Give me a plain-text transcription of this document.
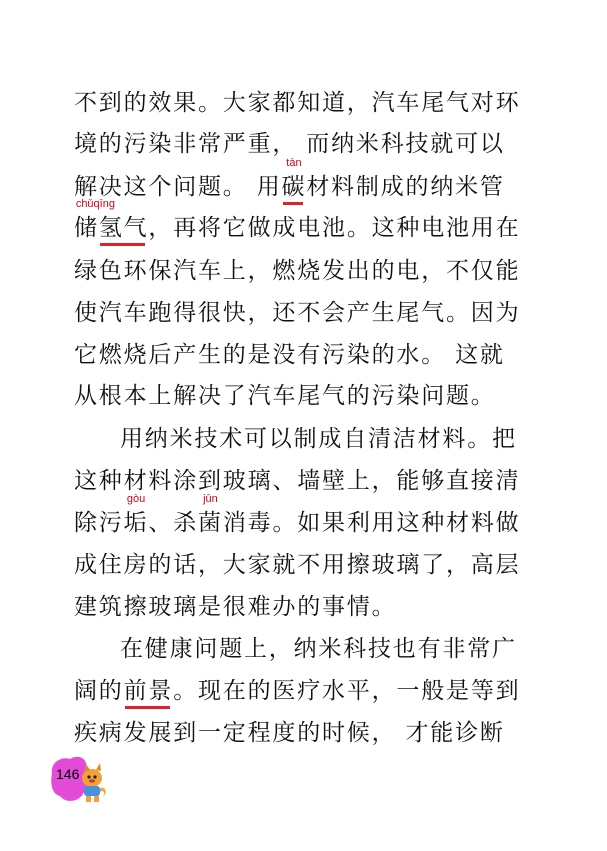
不到的效果。大家都知道，汽车尾气对环
境的污染非常严重， 而纳米科技就可以
解决这个问题。 用
tàn
碳材料制成的纳米管
储
chǔqīng
氢气，再将它做成电池。这种电池用在
绿色环保汽车上，燃烧发出的电，不仅能
使汽车跑得很快，还不会产生尾气。因为
它燃烧后产生的是没有污染的水。 这就
从根本上解决了汽车尾气的污染问题。
用纳米技术可以制成自清洁材料。把
这种材料涂到玻璃、墙壁上，能够直接清
除污
gòu
垢、杀
jūn
菌消毒。如果利用这种材料做
成住房的话，大家就不用擦玻璃了，高层
建筑擦玻璃是很难办的事情。
在健康问题上，纳米科技也有非常广
阔的前景。现在的医疗水平，一般是等到
疾病发展到一定程度的时候， 才能诊断
146
